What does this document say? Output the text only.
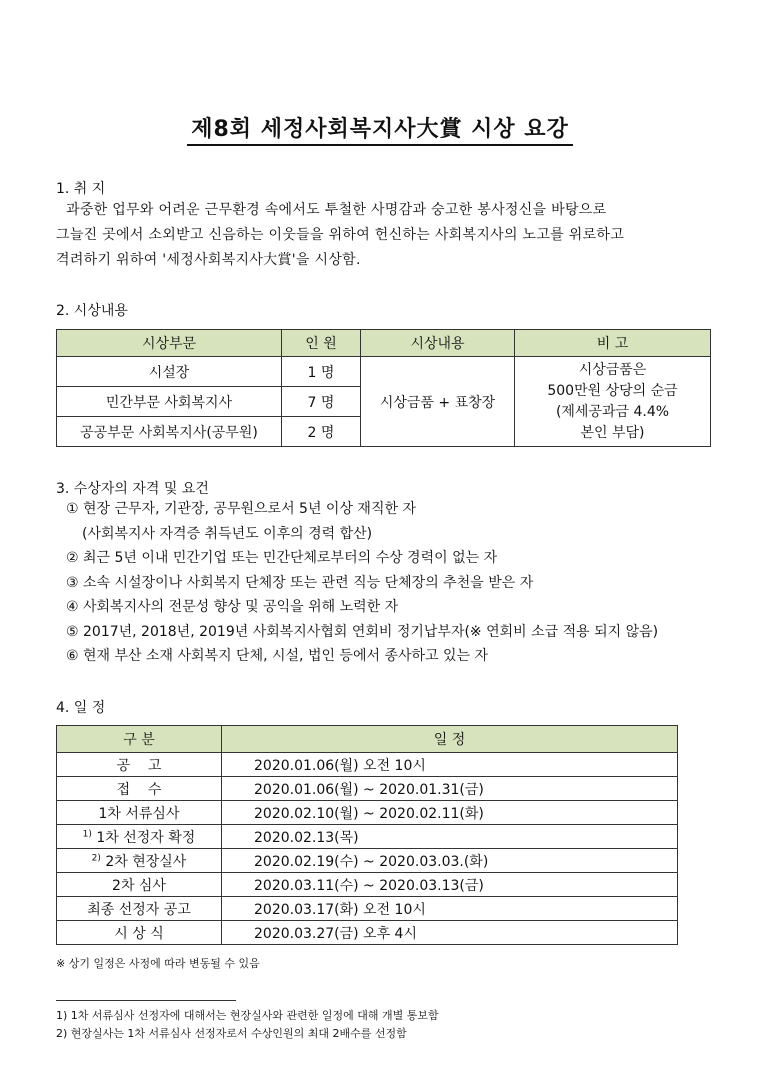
제8회 세정사회복지사大賞 시상 요강
1. 취 지
과중한 업무와 어려운 근무환경 속에서도 투철한 사명감과 숭고한 봉사정신을 바탕으로
그늘진 곳에서 소외받고 신음하는 이웃들을 위하여 헌신하는 사회복지사의 노고를 위로하고
격려하기 위하여 '세정사회복지사大賞'을 시상함.
2. 시상내용
시상부문	인 원	시상내용	비 고
시설장	1 명	시상금품 + 표창장	시상금품은
500만원 상당의 순금
(제세공과금 4.4%
본인 부담)

민간부문 사회복지사	7 명		
공공부문 사회복지사(공무원)	2 명		
3. 수상자의 자격 및 요건
① 현장 근무자, 기관장, 공무원으로서 5년 이상 재직한 자
(사회복지사 자격증 취득년도 이후의 경력 합산)
② 최근 5년 이내 민간기업 또는 민간단체로부터의 수상 경력이 없는 자
③ 소속 시설장이나 사회복지 단체장 또는 관련 직능 단체장의 추천을 받은 자
④ 사회복지사의 전문성 향상 및 공익을 위해 노력한 자
⑤ 2017년, 2018년, 2019년 사회복지사협회 연회비 정기납부자(※ 연회비 소급 적용 되지 않음)
⑥ 현재 부산 소재 사회복지 단체, 시설, 법인 등에서 종사하고 있는 자
4. 일 정
구 분	일 정
공    고	2020.01.06(월) 오전 10시
접    수	2020.01.06(월) ~ 2020.01.31(금)
1차 서류심사	2020.02.10(월) ~ 2020.02.11(화)
$^{1)}$ 1차 선정자 확정	2020.02.13(목)
$^{2)}$ 2차 현장실사	2020.02.19(수) ~ 2020.03.03.(화)
2차 심사	2020.03.11(수) ~ 2020.03.13(금)
최종 선정자 공고	2020.03.17(화) 오전 10시
시 상 식	2020.03.27(금) 오후 4시
※ 상기 일정은 사정에 따라 변동될 수 있음
1) 1차 서류심사 선정자에 대해서는 현장실사와 관련한 일정에 대해 개별 통보함
2) 현장실사는 1차 서류심사 선정자로서 수상인원의 최대 2배수를 선정함
